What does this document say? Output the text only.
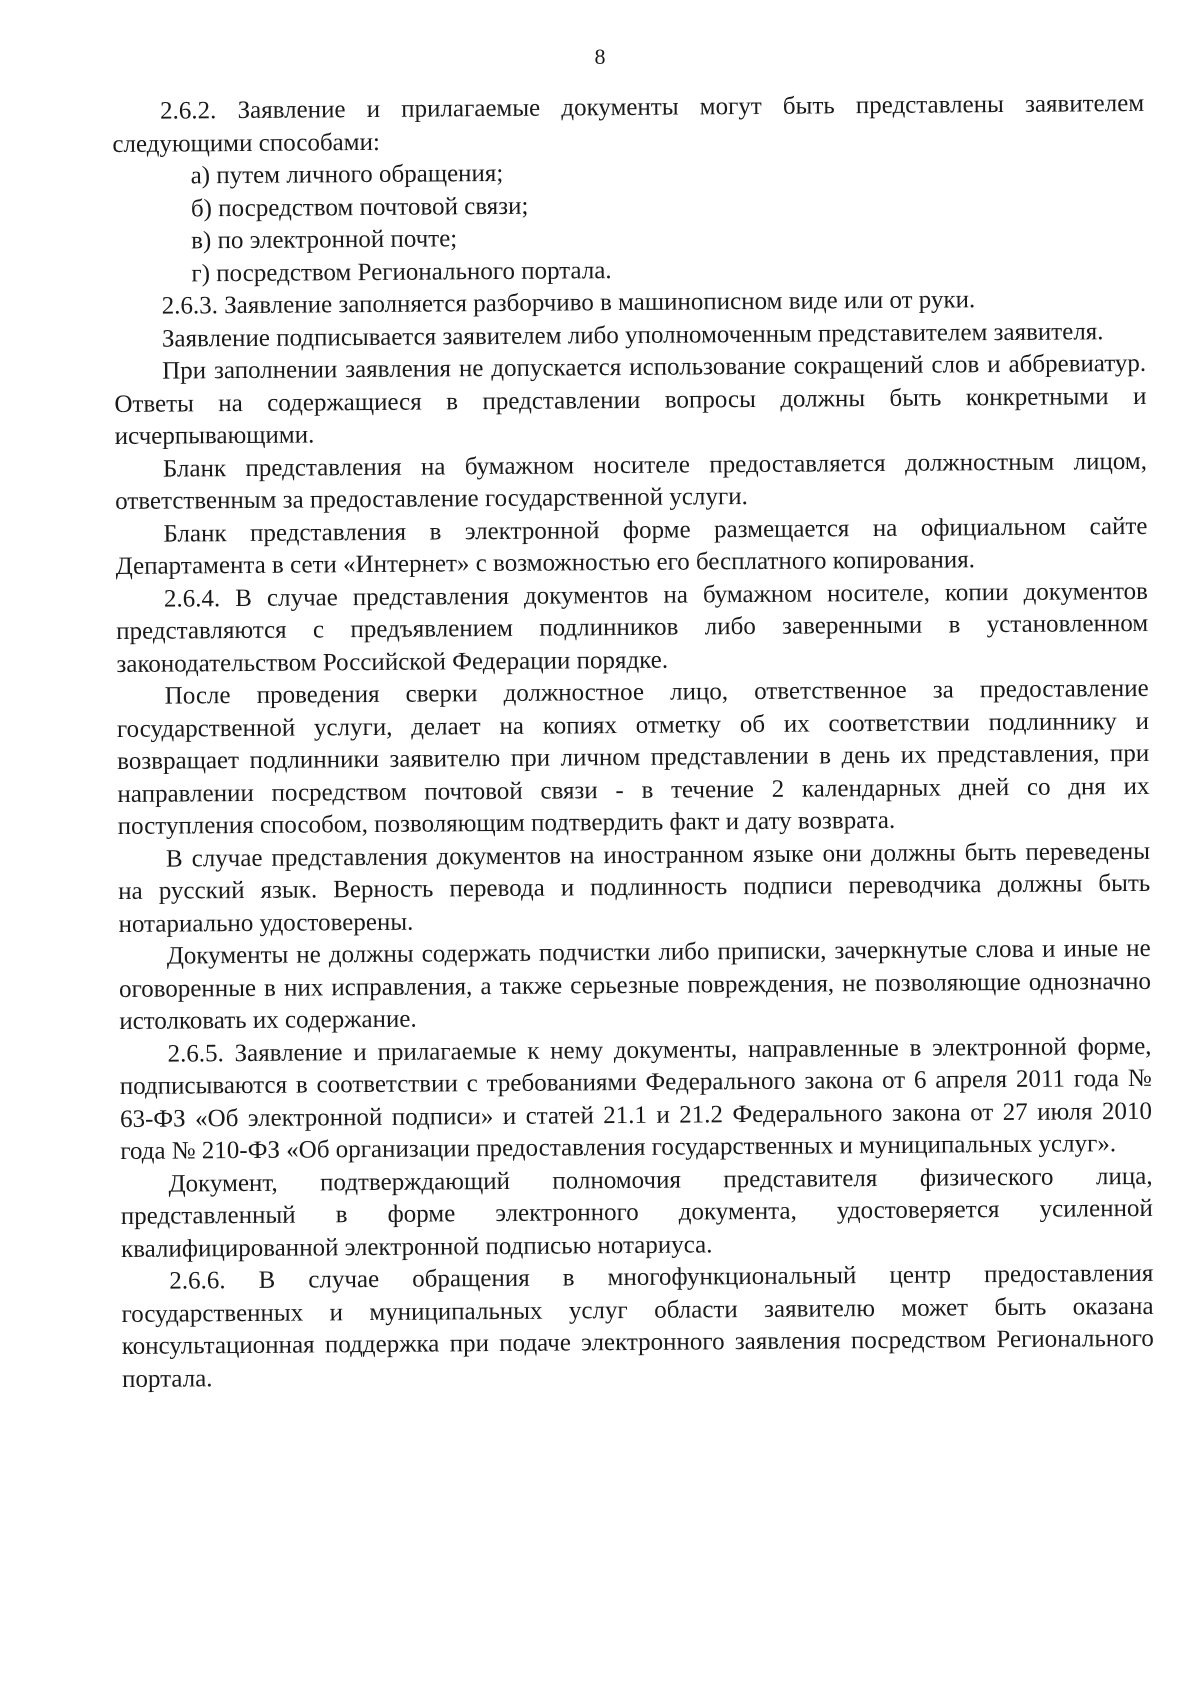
8

2.6.2. Заявление и прилагаемые документы могут быть представлены заявителем следующими способами:

а) путем личного обращения;

б) посредством почтовой связи;

в) по электронной почте;

г) посредством Регионального портала.

2.6.3. Заявление заполняется разборчиво в машинописном виде или от руки.

Заявление подписывается заявителем либо уполномоченным представителем заявителя.

При заполнении заявления не допускается использование сокращений слов и аббревиатур. Ответы на содержащиеся в представлении вопросы должны быть конкретными и исчерпывающими.

Бланк представления на бумажном носителе предоставляется должностным лицом, ответственным за предоставление государственной услуги.

Бланк представления в электронной форме размещается на официальном сайте Департамента в сети «Интернет» с возможностью его бесплатного копирования.

2.6.4. В случае представления документов на бумажном носителе, копии документов представляются с предъявлением подлинников либо заверенными в установленном законодательством Российской Федерации порядке.

После проведения сверки должностное лицо, ответственное за предоставление государственной услуги, делает на копиях отметку об их соответствии подлиннику и возвращает подлинники заявителю при личном представлении в день их представления, при направлении посредством почтовой связи - в течение 2 календарных дней со дня их поступления способом, позволяющим подтвердить факт и дату возврата.

В случае представления документов на иностранном языке они должны быть переведены на русский язык. Верность перевода и подлинность подписи переводчика должны быть нотариально удостоверены.

Документы не должны содержать подчистки либо приписки, зачеркнутые слова и иные не оговоренные в них исправления, а также серьезные повреждения, не позволяющие однозначно истолковать их содержание.

2.6.5. Заявление и прилагаемые к нему документы, направленные в электронной форме, подписываются в соответствии с требованиями Федерального закона от 6 апреля 2011 года № 63-ФЗ «Об электронной подписи» и статей 21.1 и 21.2 Федерального закона от 27 июля 2010 года № 210-ФЗ «Об организации предоставления государственных и муниципальных услуг».

Документ, подтверждающий полномочия представителя физического лица, представленный в форме электронного документа, удостоверяется усиленной квалифицированной электронной подписью нотариуса.

2.6.6. В случае обращения в многофункциональный центр предоставления государственных и муниципальных услуг области заявителю может быть оказана консультационная поддержка при подаче электронного заявления посредством Регионального портала.
